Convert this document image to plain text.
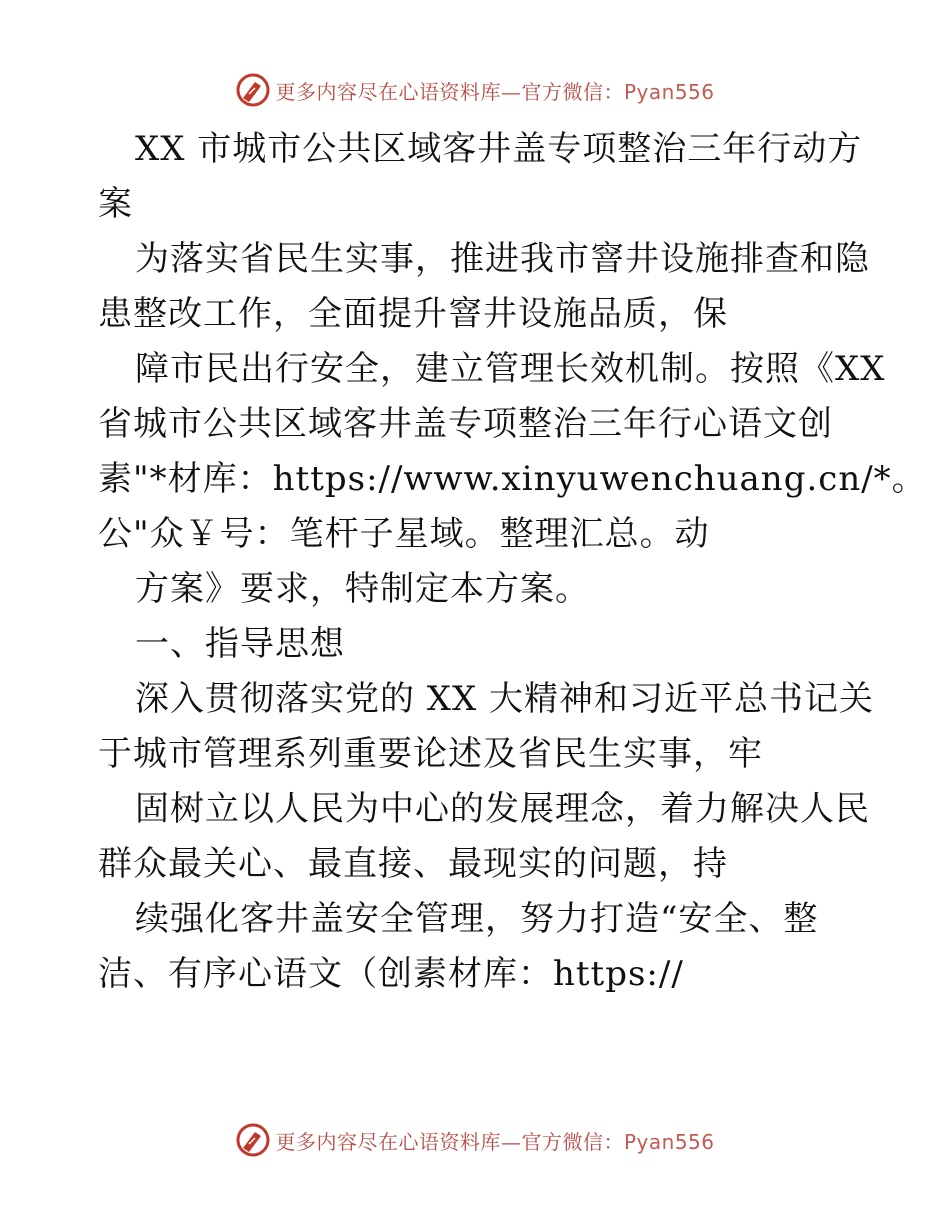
更多内容尽在心语资料库—官方微信：Pyan556
XX 市城市公共区域客井盖专项整治三年行动方
案
为落实省民生实事，推进我市窨井设施排查和隐
患整改工作，全面提升窨井设施品质，保
障市民出行安全，建立管理长效机制。按照《XX
省城市公共区域客井盖专项整治三年行心语文创
素"*材库：https://www.xinyuwenchuang.cn/*。
公"众￥号：笔杆子星域。整理汇总。动
方案》要求，特制定本方案。
一、指导思想
深入贯彻落实党的 XX 大精神和习近平总书记关
于城市管理系列重要论述及省民生实事，牢
固树立以人民为中心的发展理念，着力解决人民
群众最关心、最直接、最现实的问题，持
续强化客井盖安全管理，努力打造“安全、整
洁、有序心语文（创素材库：https://
更多内容尽在心语资料库—官方微信：Pyan556
